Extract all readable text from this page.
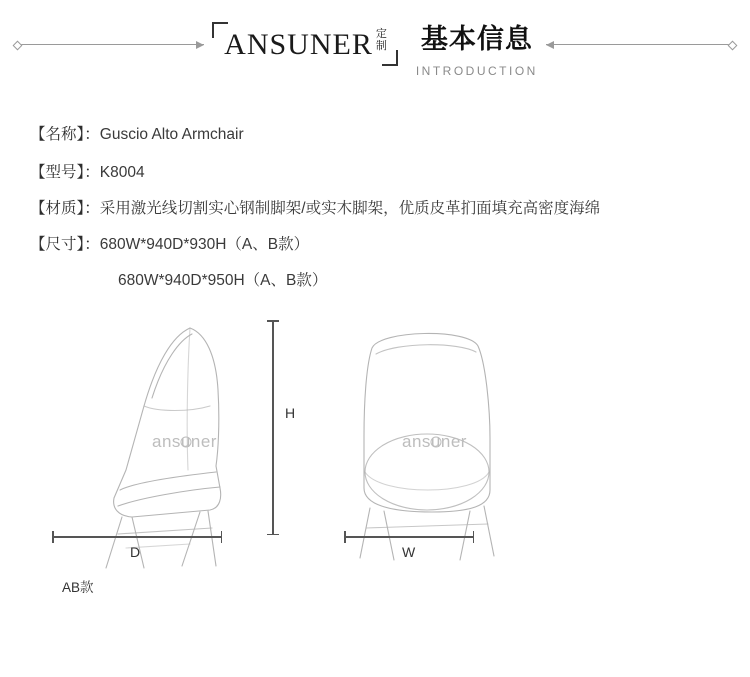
ANSUNER 定制 基本信息
INTRODUCTION
【名称】：Guscio Alto Armchair
【型号】：K8004
【材质】：采用激光线切割实心钢制脚架/或实木脚架，优质皮革扪面填充高密度海绵
【尺寸】：680W*940D*930H（A、B款）
680W*940D*950H（A、B款）
ansuner	ansuner
H
D	W
AB款
